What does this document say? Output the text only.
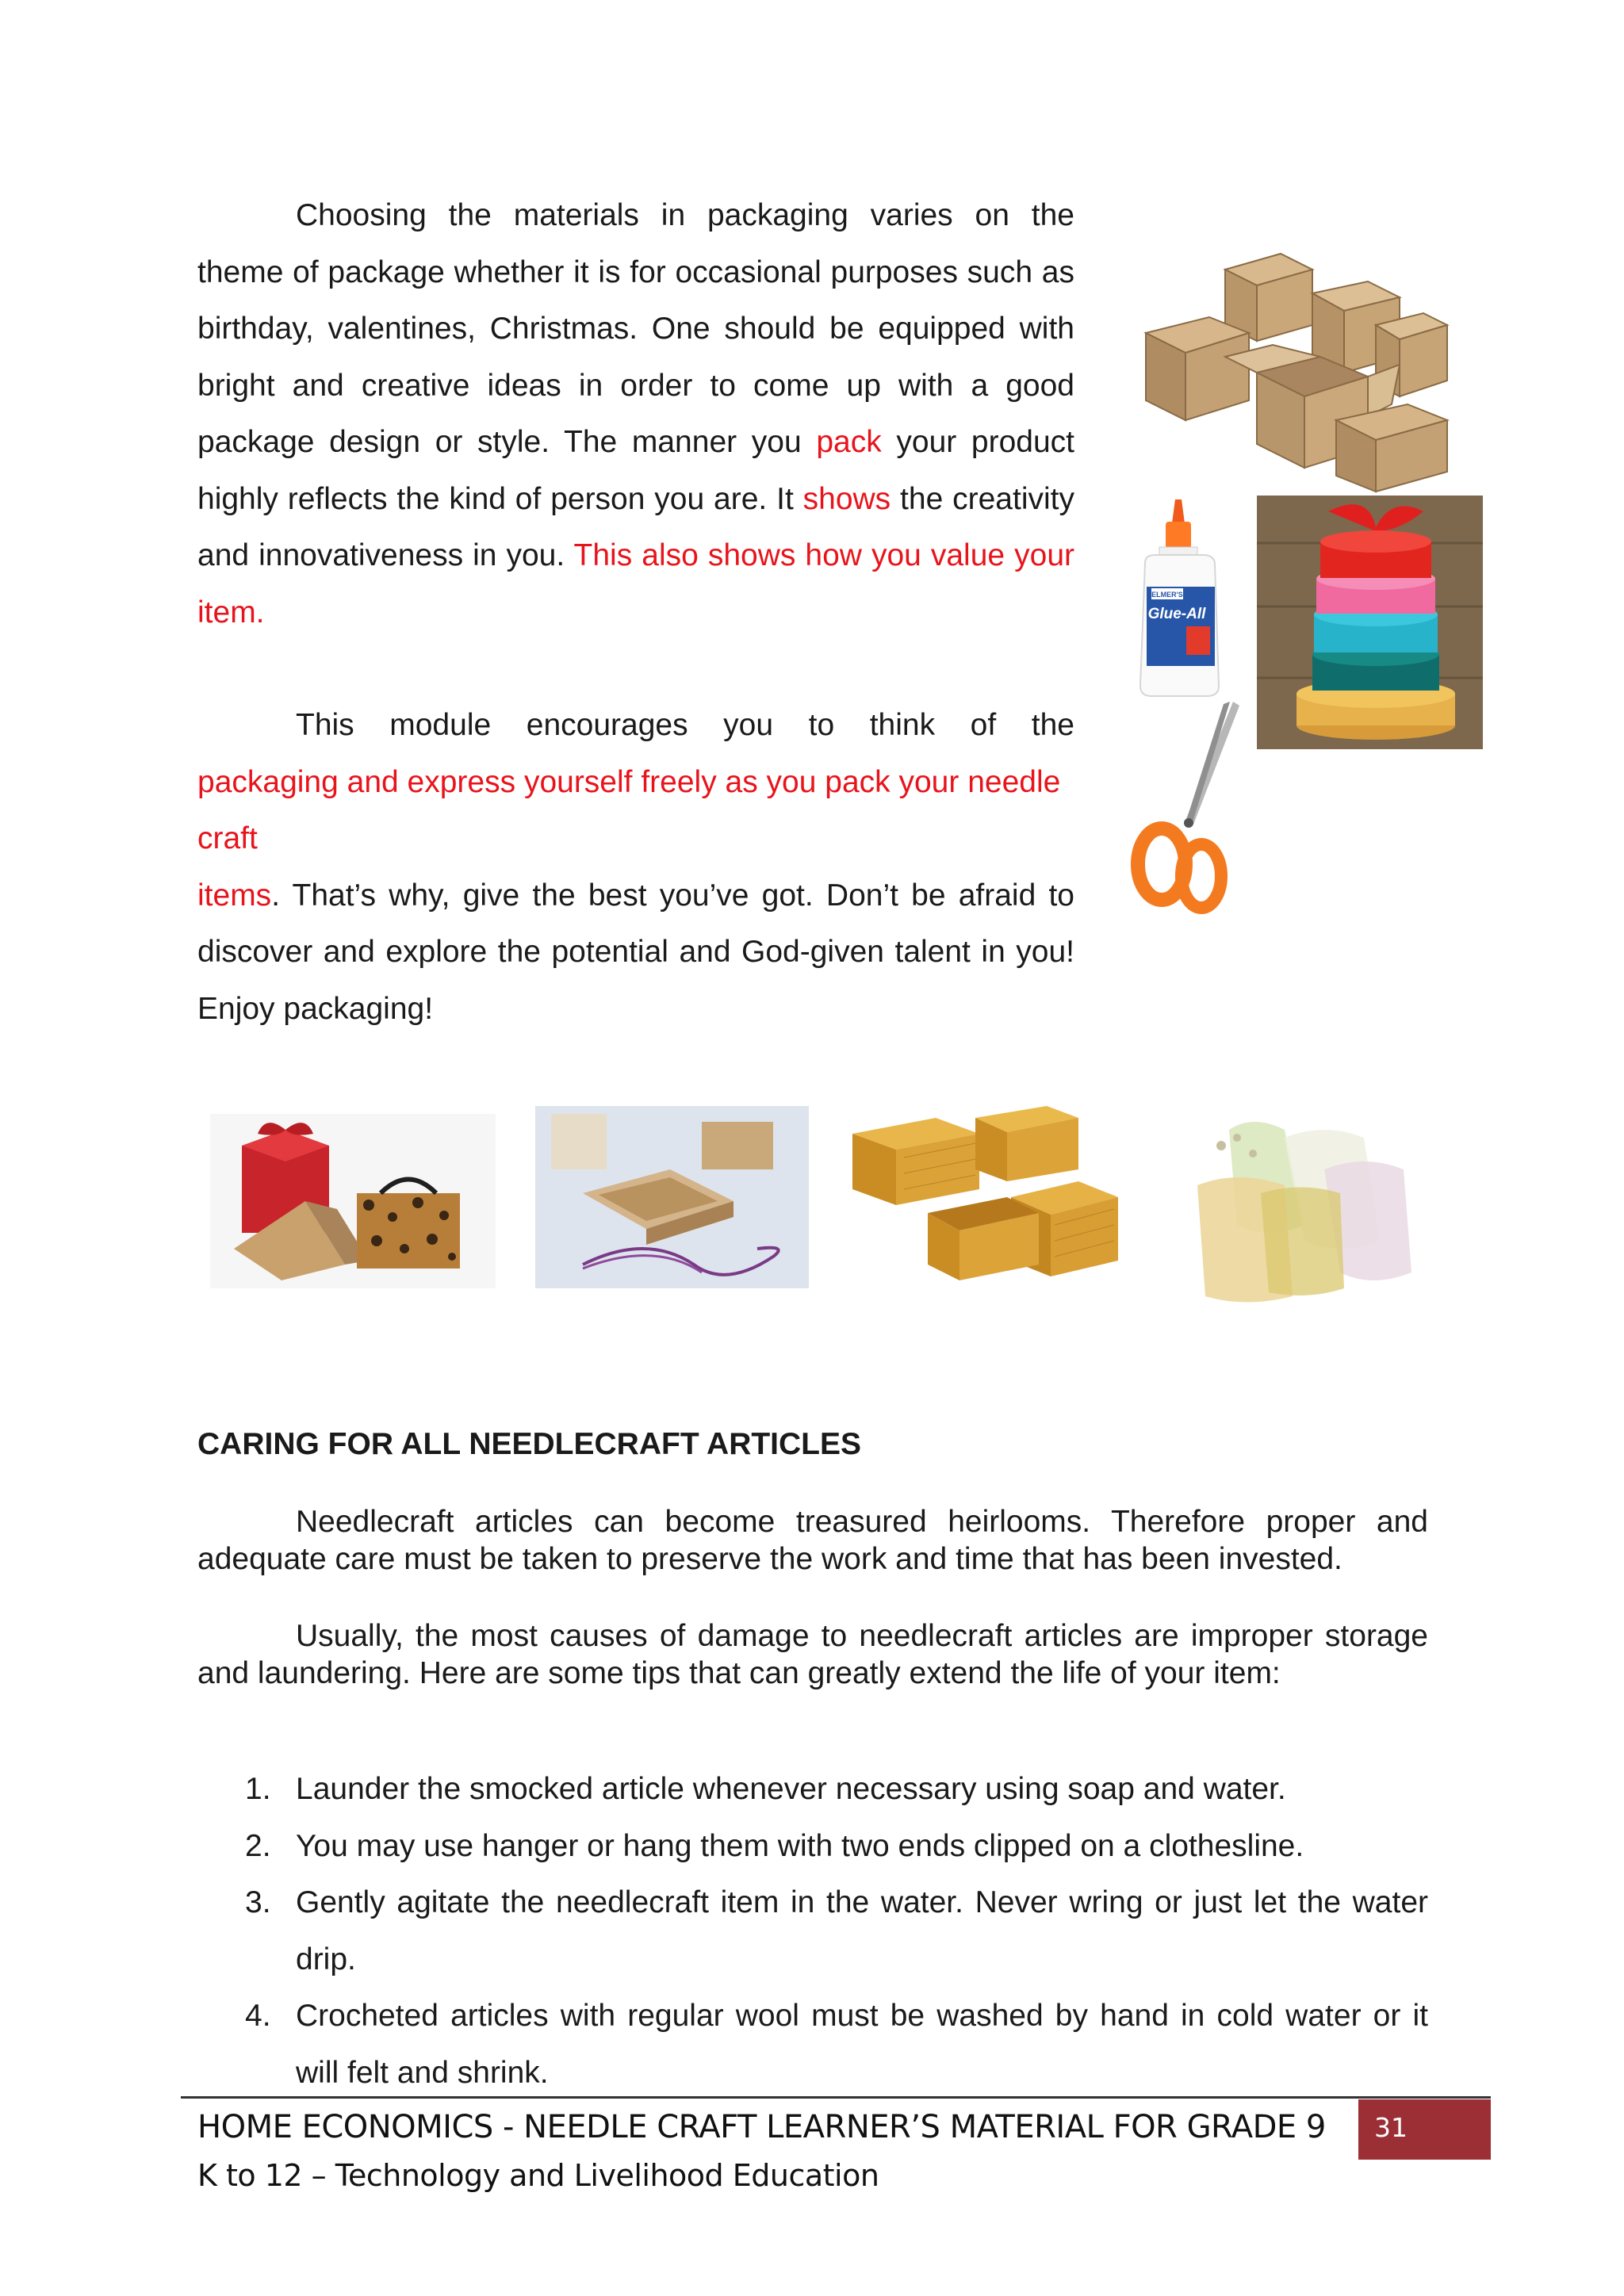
Choosing the materials in packaging varies on the theme of package whether it is for occasional purposes such as birthday, valentines, Christmas. One should be equipped with bright and creative ideas in order to come up with a good package design or style. The manner you pack your product highly reflects the kind of person you are. It shows the creativity and innovativeness in you. This also shows how you value your item.

This module encourages you to think of the

packaging and express yourself freely as you pack your needle craft

items. That’s why, give the best you’ve got. Don’t be afraid to discover and explore the potential and God-given talent in you! Enjoy packaging!

ELMER'S
Glue-All

CARING FOR ALL NEEDLECRAFT ARTICLES

Needlecraft articles can become treasured heirlooms. Therefore proper and adequate care must be taken to preserve the work and time that has been invested.

Usually, the most causes of damage to needlecraft articles are improper storage and laundering. Here are some tips that can greatly extend the life of your item:

1. Launder the smocked article whenever necessary using soap and water.
2. You may use hanger or hang them with two ends clipped on a clothesline.
3. Gently agitate the needlecraft item in the water. Never wring or just let the water drip.
4. Crocheted articles with regular wool must be washed by hand in cold water or it will felt and shrink.
HOME ECONOMICS - NEEDLE CRAFT LEARNER’S MATERIAL FOR GRADE 9
K to 12 – Technology and Livelihood Education
31
